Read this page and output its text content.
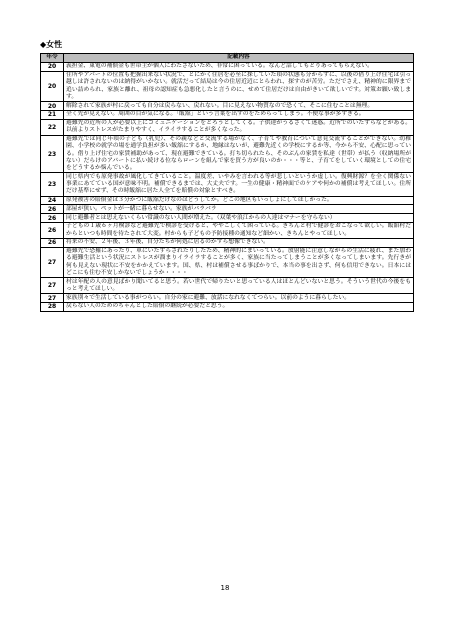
◆女性
年令	記載内容
20	義担金、東電の補償金も世帯主が個人にわたさないため、非常に困っている。なんど話してもとりあってもらえない。
20	住所やアパートの位置も把握出来ない状況で、とにかく住居を必至に探していた頃の状態も分からずに、以後の借り上げ住宅は引っ越しは許されないのは納得がいかない。就活だって結局は今の住居近辺にとらわれ、探すのが苦労。ただでさえ、精神的に限界まで追い詰められ、家族と離れ、祖母の認知症も急悪化したと言うのに、せめて住居だけは自由がきいて欲しいです。対策お願い致します。
20	解除されて家族が村に戻っても自分は戻らない、戻れない。目に見えない物質なので恐くて、そこに住むことは無理。
21	全く先が見えない。周囲の目が気になる。「飯舘」という言葉を出すのをためらってしまう。不便な事が多すぎる。
22	避難先の近所の人が必要以上にコミュニケーションをとろうとしてくる。子供達がうるさくて迷惑。近所でのいたずらなどがある。以前よりストレスがたまりやすく、イライラすることが多くなった。
23	避難先では同じ年頃の子ども（乳児）、その親などと交流する場がなく、子育てや教育について意見交流することができない。幼稚園、小学校の就学の場を通学負担が多い飯舘にするか、地縁はないが、避難先近くの学校にするか等、今から不安、心配に思っている。借り上げ住宅の家賃補助があって、現在避難できている。打ち切られたら、そのぶんの家賃を私達（世帯）が払う（収納場所がない）だらけのアパートに払い続ける位ならローンを組んで家を買う方が良いのか・・・等と、子育てをしていく環境としての住宅をどうするか悩んでいる。
23	同じ県内でも原発事故が風化してきていること。温度差、いやみを言われる等が悲しいというか虚しい。復興財源？を全く関係ない事業にあてている国が意味不明。補償できるまでは、大丈夫です。一生の健康・精神面でのケアや何かの補償は考えてほしい。住所だけ基準にせず、その時飯舘に居た人全てを賠償の対象とすべき。
24	原発被害の賠償金は３分かつに飯舘だけなのはどうしてか。どこの地区もいっしょにしてほしかった。
26	部屋が狭い。ペットが一緒に暮らせない。家族がバラバラ
26	同じ避難者とは思えないくらい常識のない人間が増えた。（双葉や浪江からの人達はマナーを守らない）
26	子どもの１歳６ヶ月検診など避難先で検診を受けると、ややこしくて困っている。きちんと村で健診をおこなって欲しい。飯舘村だからといつも時間を待たされて大変。村からも子どもの予防接種の通知など細かい、きちんとやってほしい。
26	将来の不安、２年後、３年後、自分たちが何処に居るのかすら想像できない。
27	避難先で恐羅にあったり、車にいたずらされたりしたため、精神的にまいっている。放射能に注意しながらの生活に疲れ、また加わる避難生活という状況にストレスが溜まりイライラすることが多く、家族に当たってしまうことが多くなってしまいます。先行きが何も見えない現状に不安をかかえています。国、県、村は補償させる事ばかりで、本当の事を出さず、何も信用できない。日本にはどこにも住む不安しかないでしょうか・・・・
27	村は年配の人の意見ばかり聞いてると思う。若い世代で帰りたいと思っている人はほとんどいないと思う。そういう世代の今後をもっと考えてほしい。
27	家族別々で生活している事がつらい。自分の家に避難、放話になれなくてつらい。以前のように暮らしたい。
28	戻らない人のためのちゃんとした賠償の継続が必要だと思う。
18
